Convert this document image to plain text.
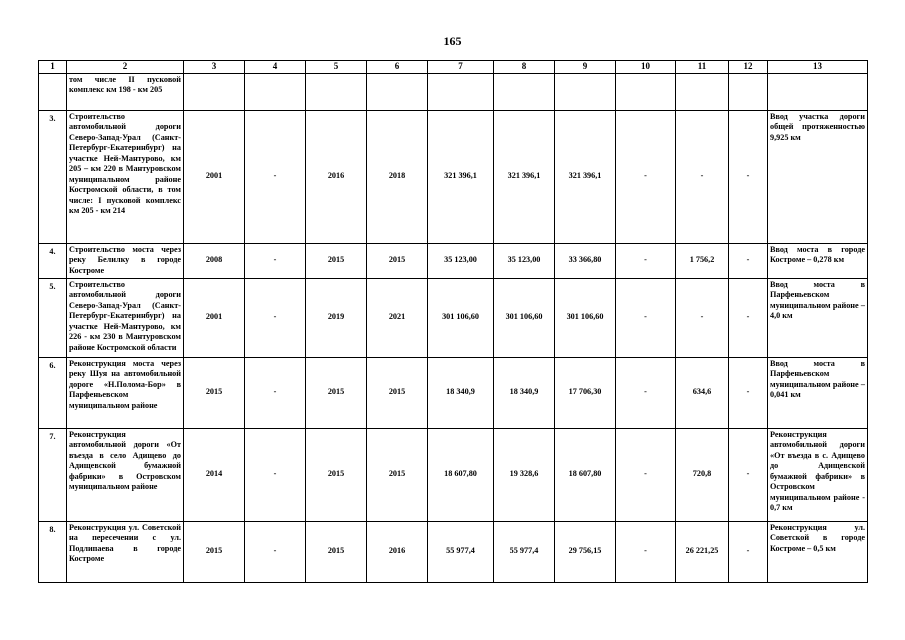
165
1	2	3	4	5	6	7	8	9	10	11	12	13
	том числе II пусковой комплекс км 198 - км 205											
3.	Строительство автомобильной дороги Северо-Запад-Урал (Санкт-Петербург-Екатеринбург) на участке Ней-Мантурово, км 205 – км 220 в Мантуровском муниципальном районе Костромской области, в том числе: I пусковой комплекс км 205 - км 214	2001	-	2016	2018	321 396,1	321 396,1	321 396,1	-	-	-	Ввод участка дороги общей протяженностью 9,925 км
4.	Строительство моста через реку Белилку в городе Костроме	2008	-	2015	2015	35 123,00	35 123,00	33 366,80	-	1 756,2	-	Ввод моста в городе Костроме – 0,278 км
5.	Строительство автомобильной дороги Северо-Запад-Урал (Санкт-Петербург-Екатеринбург) на участке Ней-Мантурово, км 226 - км 230 в Мантуровском районе Костромской области	2001	-	2019	2021	301 106,60	301 106,60	301 106,60	-	-	-	Ввод моста в Парфеньевском муниципальном районе – 4,0 км
6.	Реконструкция моста через реку Шуя на автомобильной дороге «Н.Полома-Бор» в Парфеньевском муниципальном районе	2015	-	2015	2015	18 340,9	18 340,9	17 706,30	-	634,6	-	Ввод моста в Парфеньевском муниципальном районе – 0,041 км
7.	Реконструкция автомобильной дороги «От въезда в село Адищево до Адищевской бумажной фабрики» в Островском муниципальном районе	2014	-	2015	2015	18 607,80	19 328,6	18 607,80	-	720,8	-	Реконструкция автомобильной дороги «От въезда в с. Адищево до Адищевской бумажной фабрики» в Островском муниципальном районе - 0,7 км
8.	Реконструкция ул. Советской на пересечении с ул. Подлипаева в городе Костроме	2015	-	2015	2016	55 977,4	55 977,4	29 756,15	-	26 221,25	-	Реконструкция ул. Советской в городе Костроме – 0,5 км
